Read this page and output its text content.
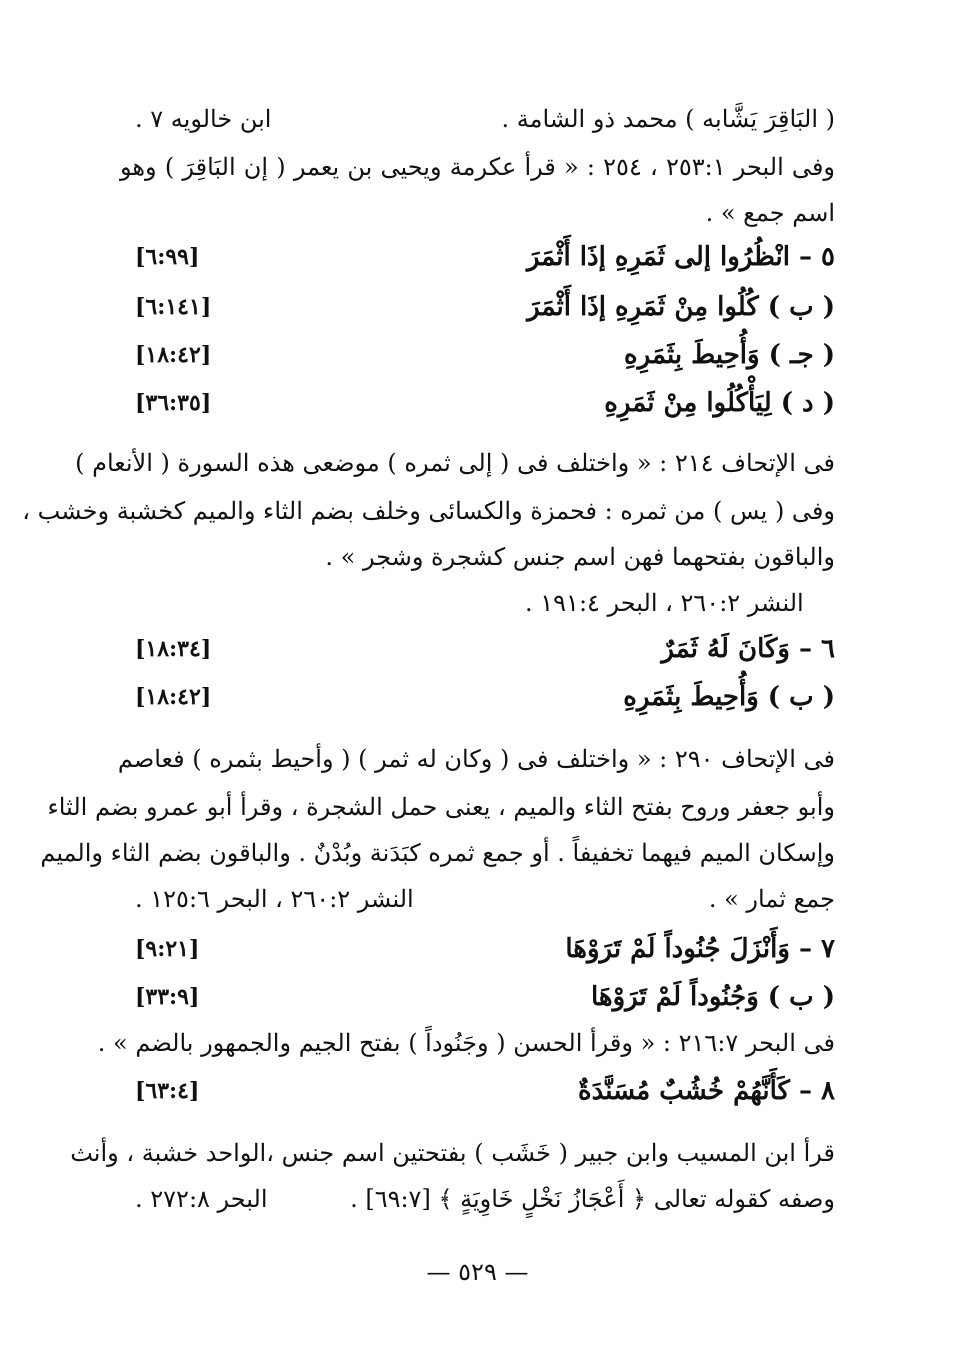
( البَاقِرَ يَشَّابه ) محمد ذو الشامة .
ابن خالويه ٧ .
وفى البحر ٢٥٣:١ ، ٢٥٤ : « قرأ عكرمة ويحيى بن يعمر ( إن البَاقِرَ ) وهو
اسم جمع » .
٥ – انْظُرُوا إلى ثَمَرِهِ إذَا أَثْمَرَ
[٦:٩٩]
( ب ) كُلُوا مِنْ ثَمَرِهِ إذَا أَثْمَرَ
[٦:١٤١]
( جـ ) وَأُحِيطَ بِثَمَرِهِ
[١٨:٤٢]
( د ) لِيَأْكُلُوا مِنْ ثَمَرِهِ
[٣٦:٣٥]
فى الإتحاف ٢١٤ : « واختلف فى ( إلى ثمره ) موضعى هذه السورة ( الأنعام )
وفى ( يس ) من ثمره : فحمزة والكسائى وخلف بضم الثاء والميم كخشبة وخشب ،
والباقون بفتحهما فهن اسم جنس كشجرة وشجر » .
النشر ٢٦٠:٢ ، البحر ١٩١:٤ .
٦ – وَكَانَ لَهُ ثَمَرٌ
[١٨:٣٤]
( ب ) وَأُحِيطَ بِثَمَرِهِ
[١٨:٤٢]
فى الإتحاف ٢٩٠ : « واختلف فى ( وكان له ثمر ) ( وأحيط بثمره ) فعاصم
وأبو جعفر وروح بفتح الثاء والميم ، يعنى حمل الشجرة ، وقرأ أبو عمرو بضم الثاء
وإسكان الميم فيهما تخفيفاً . أو جمع ثمره كبَدَنة وبُدْنٌ . والباقون بضم الثاء والميم
جمع ثمار » .
النشر ٢٦٠:٢ ، البحر ١٢٥:٦ .
٧ – وَأَنْزَلَ جُنُوداً لَمْ تَرَوْهَا
[٩:٢١]
( ب ) وَجُنُوداً لَمْ تَرَوْهَا
[٣٣:٩]
فى البحر ٢١٦:٧ : « وقرأ الحسن ( وجَنُوداً ) بفتح الجيم والجمهور بالضم » .
٨ – كَأَنَّهُمْ خُشُبٌ مُسَنَّدَةٌ
[٦٣:٤]
قرأ ابن المسيب وابن جبير ( خَشَب ) بفتحتين اسم جنس ،الواحد خشبة ، وأنث
وصفه كقوله تعالى ﴿ أَعْجَازُ نَخْلٍ خَاوِيَةٍ ﴾ [٦٩:٧] .
البحر ٢٧٢:٨ .
— ٥٢٩ —
